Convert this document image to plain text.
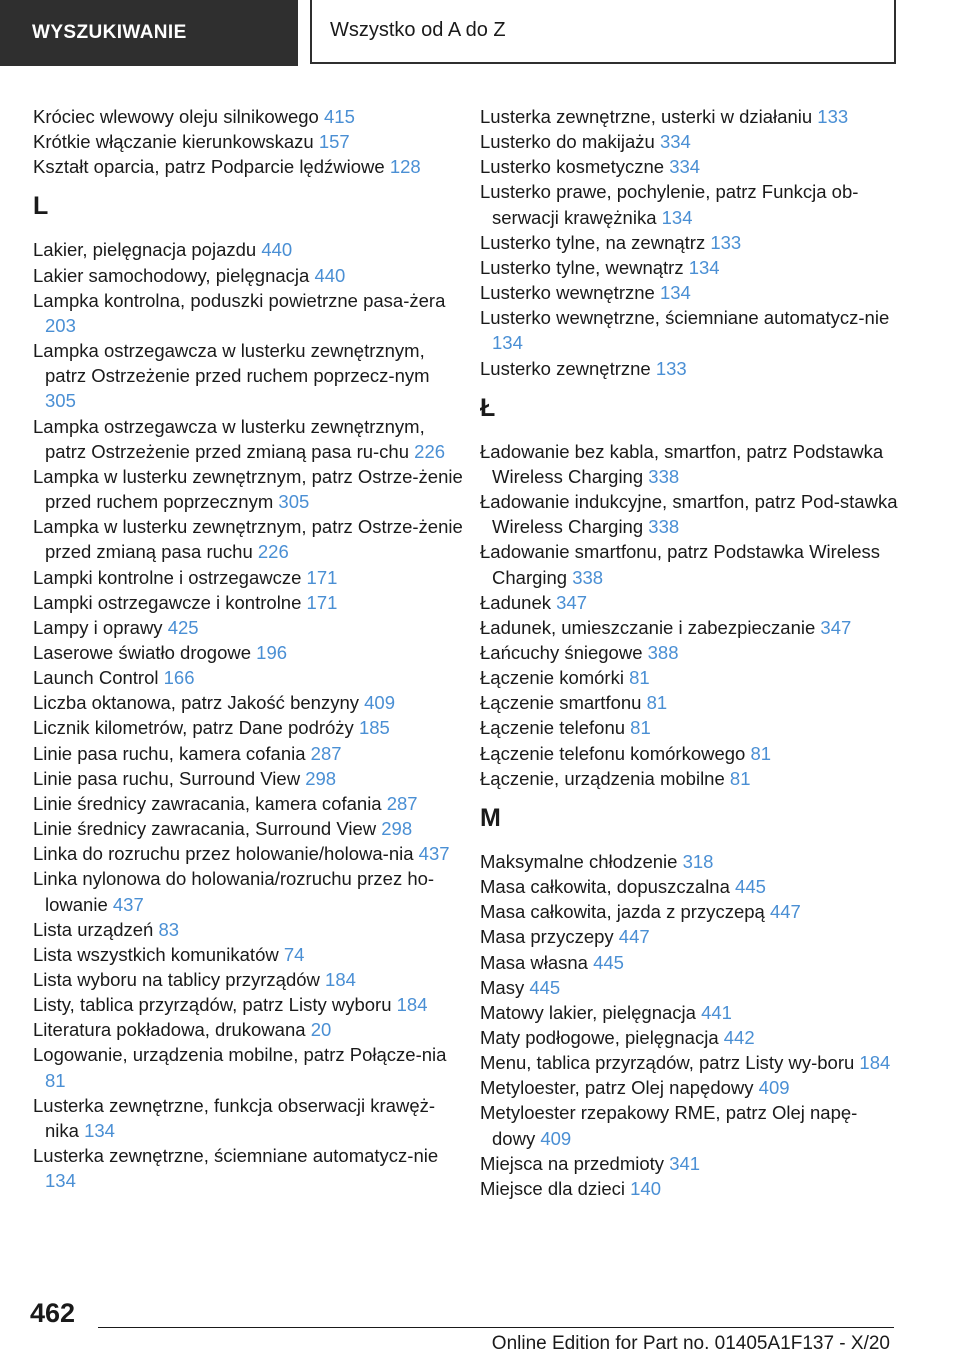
WYSZUKIWANIE	Wszystko od A do Z
Króciec wlewowy oleju silnikowego 415
Krótkie włączanie kierunkowskazu 157
Kształt oparcia, patrz Podparcie lędźwiowe 128
L
Lakier, pielęgnacja pojazdu 440
Lakier samochodowy, pielęgnacja 440
Lampka kontrolna, poduszki powietrzne pasa‐żera 203
Lampka ostrzegawcza w lusterku zewnętrznym, patrz Ostrzeżenie przed ruchem poprzecz‐nym 305
Lampka ostrzegawcza w lusterku zewnętrznym, patrz Ostrzeżenie przed zmianą pasa ru‐chu 226
Lampka w lusterku zewnętrznym, patrz Ostrze‐żenie przed ruchem poprzecznym 305
Lampka w lusterku zewnętrznym, patrz Ostrze‐żenie przed zmianą pasa ruchu 226
Lampki kontrolne i ostrzegawcze 171
Lampki ostrzegawcze i kontrolne 171
Lampy i oprawy 425
Laserowe światło drogowe 196
Launch Control 166
Liczba oktanowa, patrz Jakość benzyny 409
Licznik kilometrów, patrz Dane podróży 185
Linie pasa ruchu, kamera cofania 287
Linie pasa ruchu, Surround View 298
Linie średnicy zawracania, kamera cofania 287
Linie średnicy zawracania, Surround View 298
Linka do rozruchu przez holowanie/holowa‐nia 437
Linka nylonowa do holowania/rozruchu przez ho‐lowanie 437
Lista urządzeń 83
Lista wszystkich komunikatów 74
Lista wyboru na tablicy przyrządów 184
Listy, tablica przyrządów, patrz Listy wyboru 184
Literatura pokładowa, drukowana 20
Logowanie, urządzenia mobilne, patrz Połącze‐nia 81
Lusterka zewnętrzne, funkcja obserwacji krawęż‐nika 134
Lusterka zewnętrzne, ściemniane automatycz‐nie 134
Lusterka zewnętrzne, usterki w działaniu 133
Lusterko do makijażu 334
Lusterko kosmetyczne 334
Lusterko prawe, pochylenie, patrz Funkcja ob‐serwacji krawężnika 134
Lusterko tylne, na zewnątrz 133
Lusterko tylne, wewnątrz 134
Lusterko wewnętrzne 134
Lusterko wewnętrzne, ściemniane automatycz‐nie 134
Lusterko zewnętrzne 133
Ł
Ładowanie bez kabla, smartfon, patrz Podstawka Wireless Charging 338
Ładowanie indukcyjne, smartfon, patrz Pod‐stawka Wireless Charging 338
Ładowanie smartfonu, patrz Podstawka Wireless Charging 338
Ładunek 347
Ładunek, umieszczanie i zabezpieczanie 347
Łańcuchy śniegowe 388
Łączenie komórki 81
Łączenie smartfonu 81
Łączenie telefonu 81
Łączenie telefonu komórkowego 81
Łączenie, urządzenia mobilne 81
M
Maksymalne chłodzenie 318
Masa całkowita, dopuszczalna 445
Masa całkowita, jazda z przyczepą 447
Masa przyczepy 447
Masa własna 445
Masy 445
Matowy lakier, pielęgnacja 441
Maty podłogowe, pielęgnacja 442
Menu, tablica przyrządów, patrz Listy wy‐boru 184
Metyloester, patrz Olej napędowy 409
Metyloester rzepakowy RME, patrz Olej napę‐dowy 409
Miejsca na przedmioty 341
Miejsce dla dzieci 140
462
Online Edition for Part no. 01405A1F137 - X/20
